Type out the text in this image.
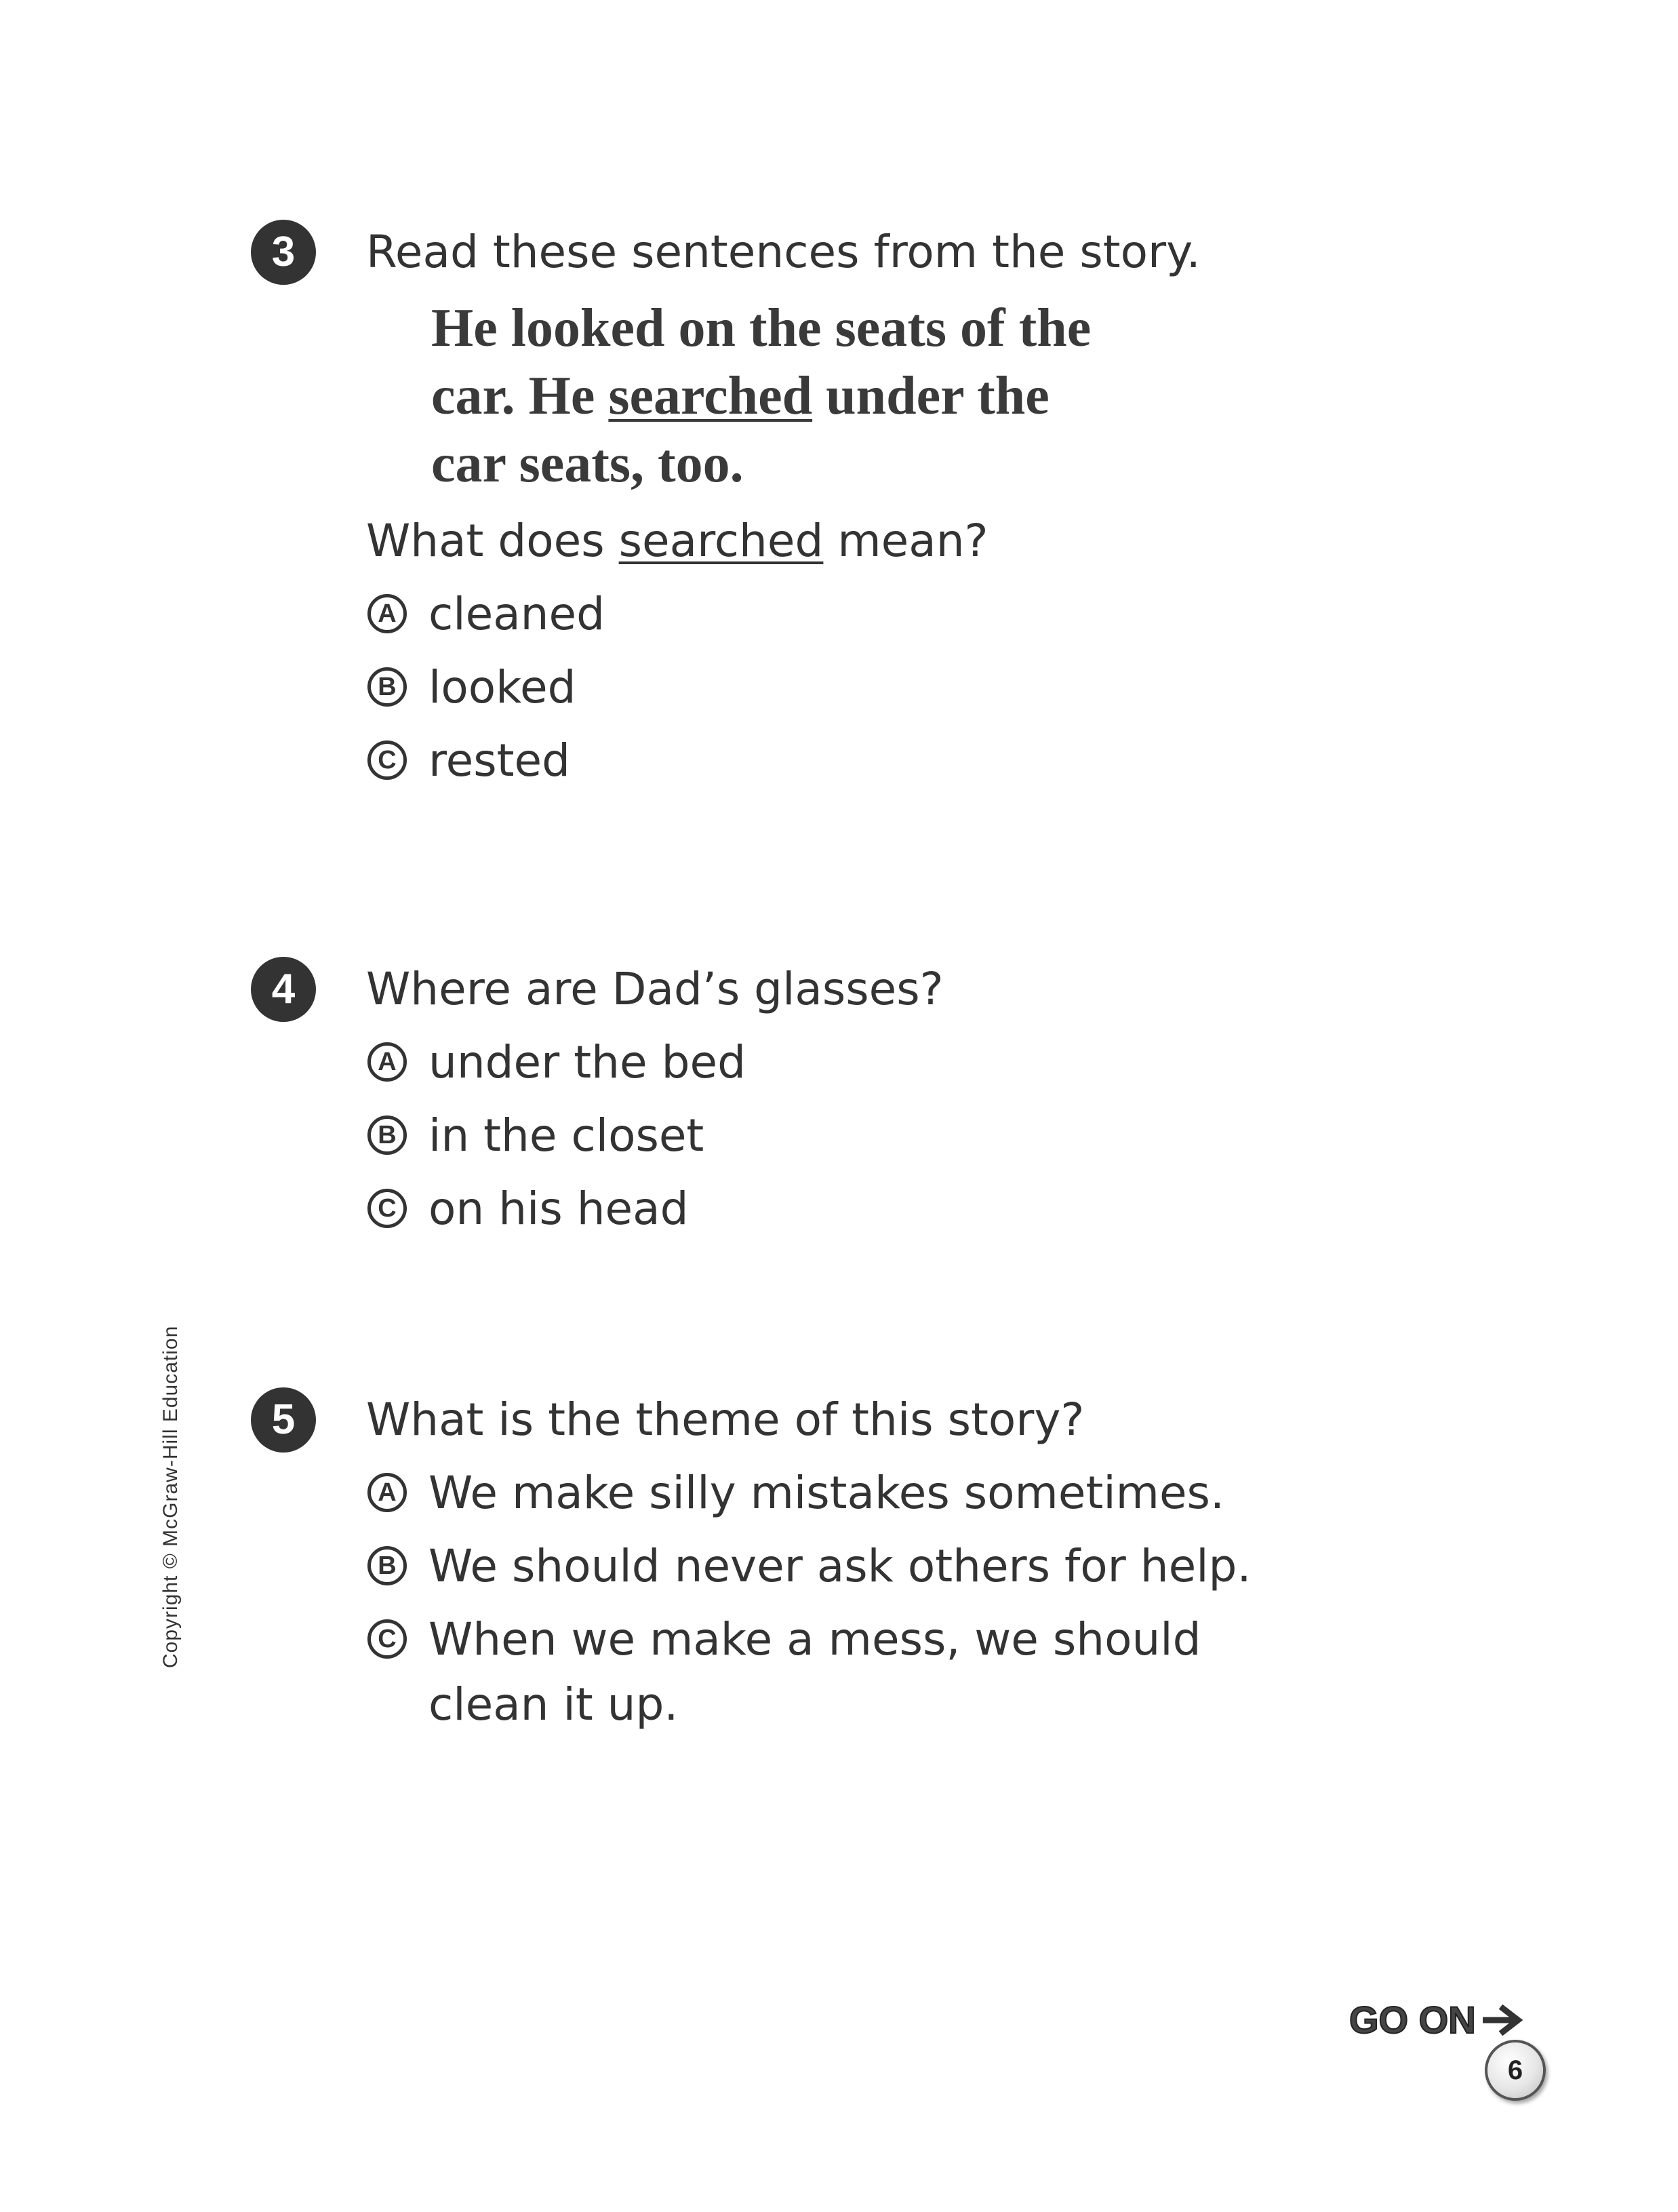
3	Read these sentences from the story.
He looked on the seats of the
car. He searched under the
car seats, too.
What does searched mean?
A cleaned
B looked
C rested
4	Where are Dad’s glasses?
A under the bed
B in the closet
C on his head
5	What is the theme of this story?
A We make silly mistakes sometimes.
B We should never ask others for help.
C When we make a mess, we should clean it up.
Copyright © McGraw-Hill Education
GO ON
6
